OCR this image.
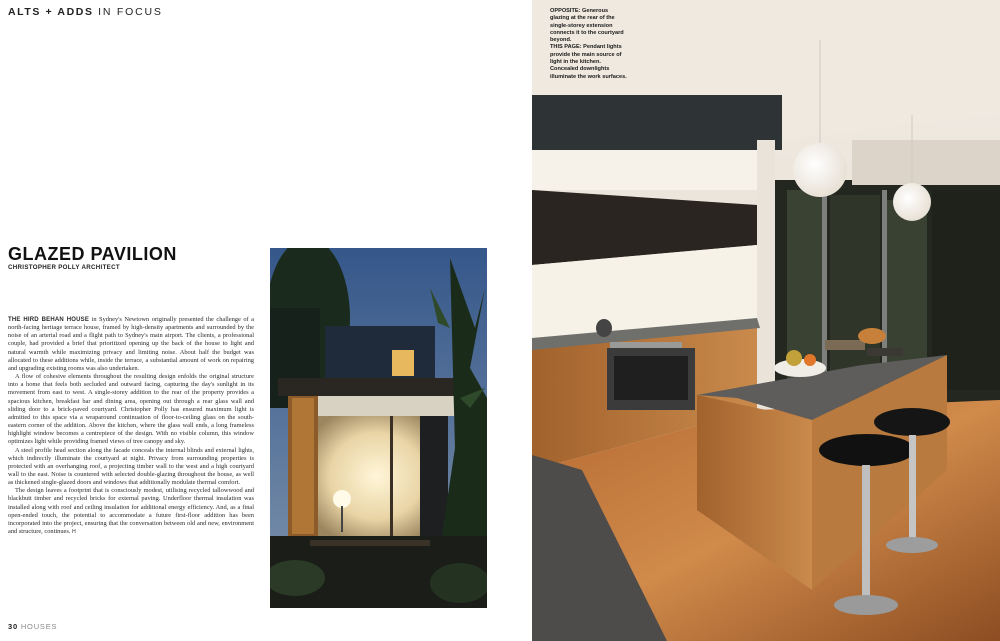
ALTS + ADDS IN FOCUS
GLAZED PAVILION
CHRISTOPHER POLLY ARCHITECT

THE HIRD BEHAN HOUSE in Sydney's Newtown originally presented the challenge of a north-facing heritage terrace house, framed by high-density apartments and surrounded by the noise of an arterial road and a flight path to Sydney's main airport. The clients, a professional couple, had provided a brief that prioritized opening up the back of the house to light and natural warmth while maximizing privacy and limiting noise. About half the budget was allocated to these additions while, inside the terrace, a substantial amount of work on repairing and upgrading existing rooms was also undertaken.

A flow of cohesive elements throughout the resulting design enfolds the original structure into a home that feels both secluded and outward facing, capturing the day's sunlight in its movement from east to west. A single-storey addition to the rear of the property provides a spacious kitchen, breakfast bar and dining area, opening out through a rear glass wall and sliding door to a brick-paved courtyard. Christopher Polly has ensured maximum light is admitted to this space via a wraparound continuation of floor-to-ceiling glass on the south-eastern corner of the addition. Above the kitchen, where the glass wall ends, a long frameless highlight window becomes a centrepiece of the design. With no visible column, this window optimizes light while providing framed views of tree canopy and sky.

A steel profile head section along the facade conceals the internal blinds and external lights, which indirectly illuminate the courtyard at night. Privacy from surrounding properties is protected with an overhanging roof, a projecting timber wall to the west and a high courtyard wall to the east. Noise is countered with selected double-glazing throughout the house, as well as thickened single-glazed doors and windows that additionally modulate thermal comfort.

The design leaves a footprint that is consciously modest, utilising recycled tallowwood and blackbutt timber and recycled bricks for external paving. Underfloor thermal insulation was installed along with roof and ceiling insulation for additional energy efficiency. And, as a final open-ended touch, the potential to accommodate a future first-floor addition has been incorporated into the project, ensuring that the conversation between old and new, environment and structure, continues. H

30 HOUSES
OPPOSITE: Generous glazing at the rear of the single-storey extension connects it to the courtyard beyond.
THIS PAGE: Pendant lights provide the main source of light in the kitchen. Concealed downlights illuminate the work surfaces.
